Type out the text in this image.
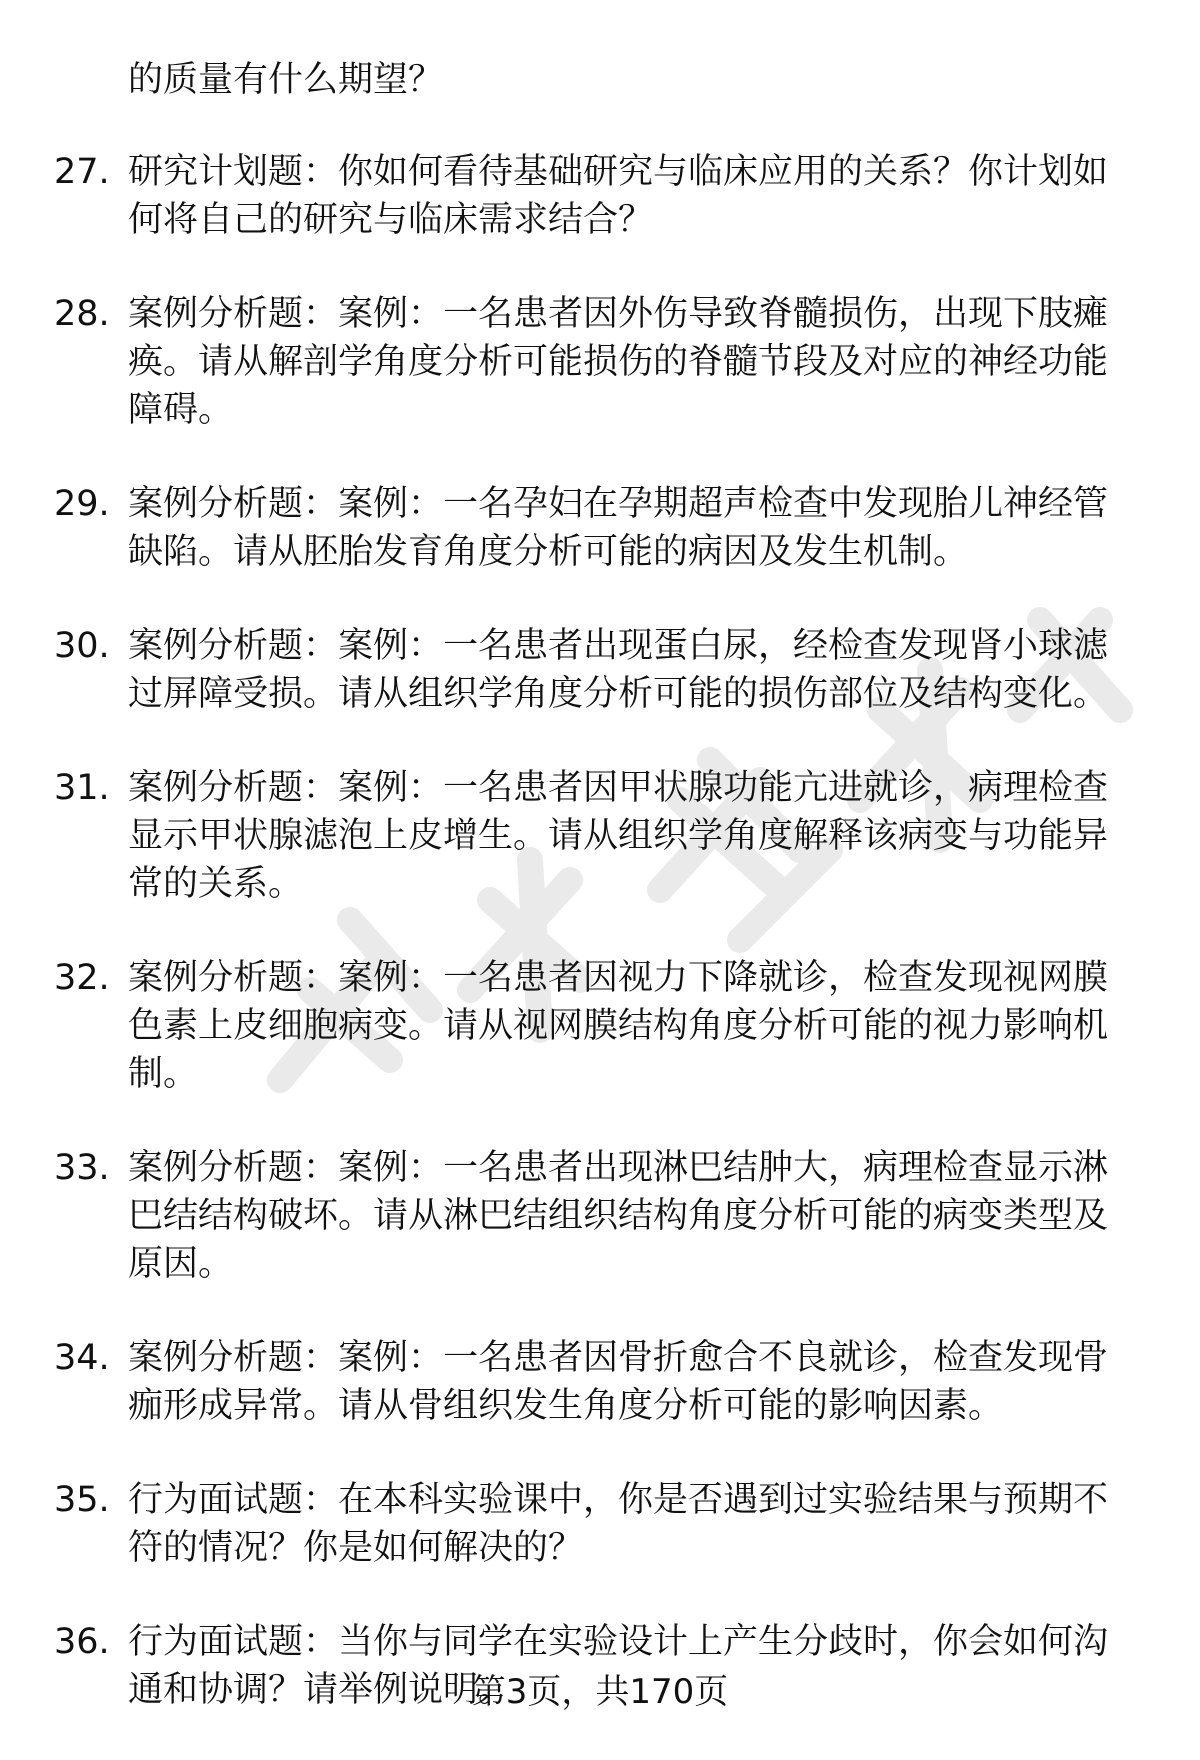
的质量有什么期望？

27. 研究计划题：你如何看待基础研究与临床应用的关系？你计划如何将自己的研究与临床需求结合？

28. 案例分析题：案例：一名患者因外伤导致脊髓损伤，出现下肢瘫痪。请从解剖学角度分析可能损伤的脊髓节段及对应的神经功能障碍。

29. 案例分析题：案例：一名孕妇在孕期超声检查中发现胎儿神经管缺陷。请从胚胎发育角度分析可能的病因及发生机制。

30. 案例分析题：案例：一名患者出现蛋白尿，经检查发现肾小球滤过屏障受损。请从组织学角度分析可能的损伤部位及结构变化。

31. 案例分析题：案例：一名患者因甲状腺功能亢进就诊，病理检查显示甲状腺滤泡上皮增生。请从组织学角度解释该病变与功能异常的关系。

32. 案例分析题：案例：一名患者因视力下降就诊，检查发现视网膜色素上皮细胞病变。请从视网膜结构角度分析可能的视力影响机制。

33. 案例分析题：案例：一名患者出现淋巴结肿大，病理检查显示淋巴结结构破坏。请从淋巴结组织结构角度分析可能的病变类型及原因。

34. 案例分析题：案例：一名患者因骨折愈合不良就诊，检查发现骨痂形成异常。请从骨组织发生角度分析可能的影响因素。

35. 行为面试题：在本科实验课中，你是否遇到过实验结果与预期不符的情况？你是如何解决的？

36. 行为面试题：当你与同学在实验设计上产生分歧时，你会如何沟通和协调？请举例说明。

第3页，共170页
